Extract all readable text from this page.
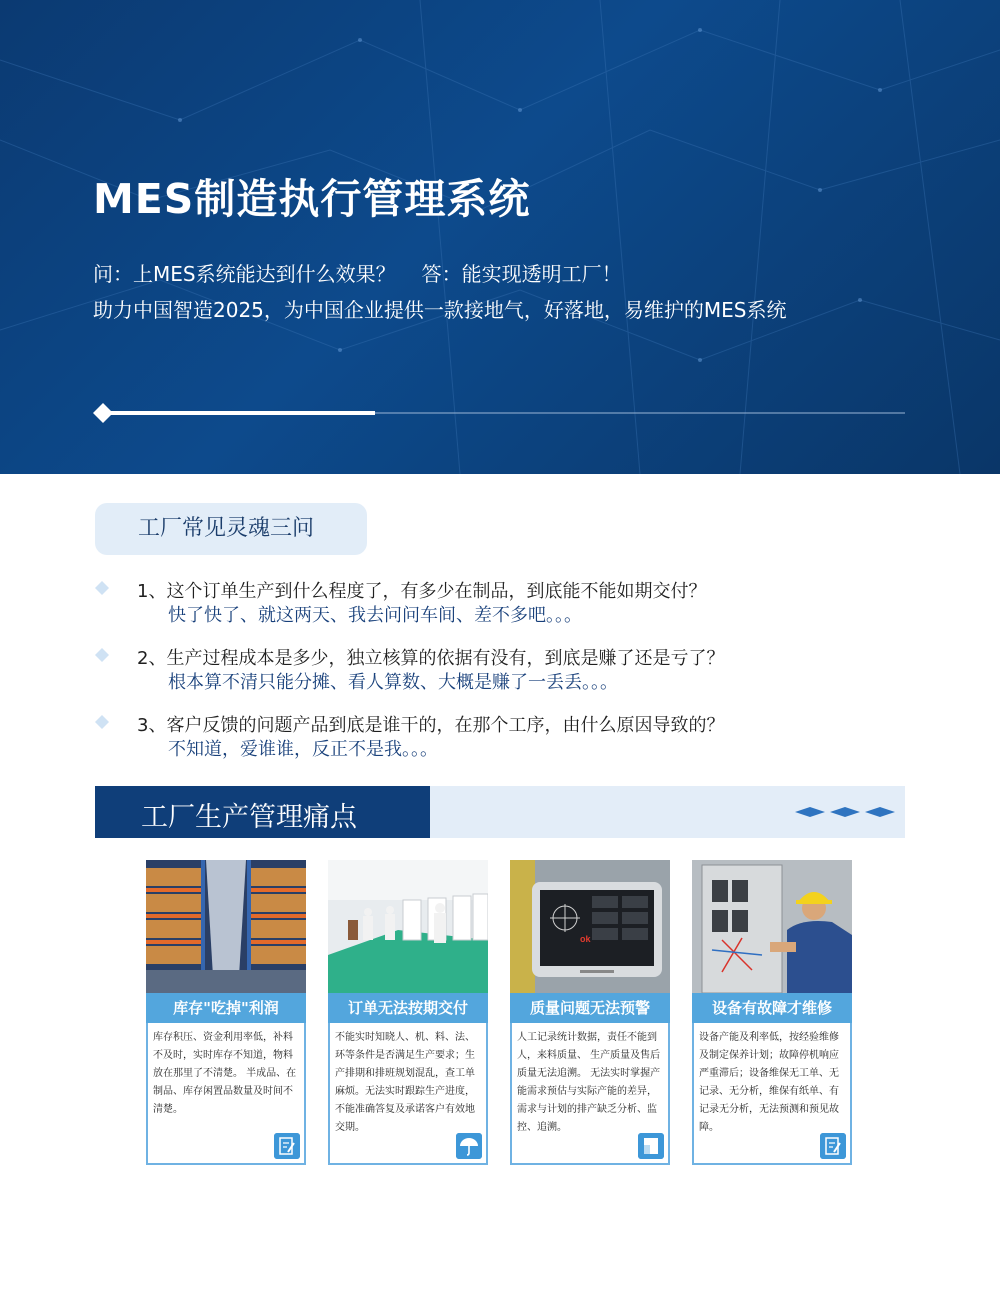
MES制造执行管理系统
问：上MES系统能达到什么效果？ 答：能实现透明工厂！
助力中国智造2025，为中国企业提供一款接地气，好落地，易维护的MES系统
工厂常见灵魂三问
1、这个订单生产到什么程度了，有多少在制品，到底能不能如期交付？
快了快了、就这两天、我去问问车间、差不多吧。。。
2、生产过程成本是多少，独立核算的依据有没有，到底是赚了还是亏了？
根本算不清只能分摊、看人算数、大概是赚了一丢丢。。。
3、客户反馈的问题产品到底是谁干的，在那个工序，由什么原因导致的？
不知道，爱谁谁，反正不是我。。。
工厂生产管理痛点
库存"吃掉"利润
库存积压、资金利用率低，补料不及时，实时库存不知道，物料放在那里了不清楚。 半成品、在制品、库存闲置品数量及时间不清楚。
订单无法按期交付
不能实时知晓人、机、料、法、环等条件是否满足生产要求；生产排期和排班规划混乱，查工单麻烦。无法实时跟踪生产进度，不能准确答复及承诺客户有效地交期。
ok
质量问题无法预警
人工记录统计数据，责任不能到人，来料质量、 生产质量及售后质量无法追溯。 无法实时掌握产能需求预估与实际产能的差异，需求与计划的排产缺乏分析、监控、追溯。
设备有故障才维修
设备产能及利率低，按经验维修及制定保养计划；故障停机响应严重滞后；设备维保无工单、无记录、无分析，维保有纸单、有记录无分析，无法预测和预见故障。
